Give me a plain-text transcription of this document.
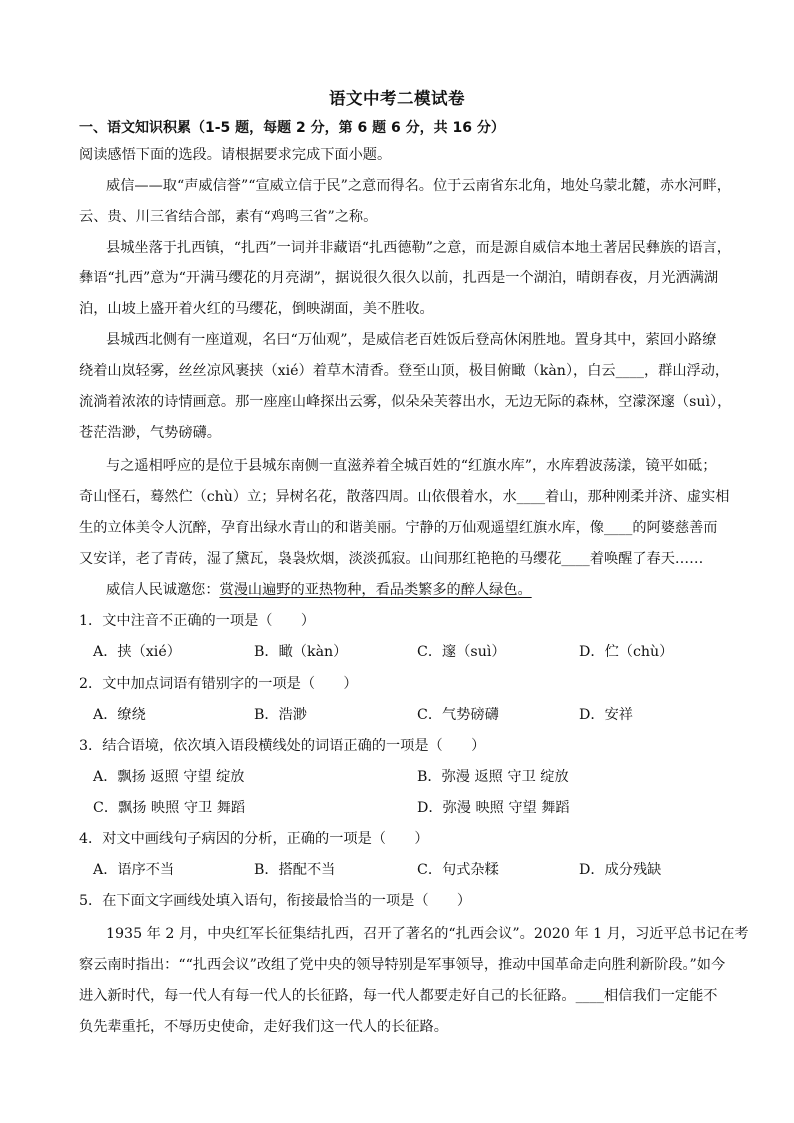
语文中考二模试卷
一、语文知识积累（1-5 题，每题 2 分，第 6 题 6 分，共 16 分）
阅读感悟下面的选段。请根据要求完成下面小题。
威信——取“声威信誉”“宣威立信于民”之意而得名。位于云南省东北角，地处乌蒙北麓，赤水河畔，
云、贵、川三省结合部，素有“鸡鸣三省”之称。
县城坐落于扎西镇，“扎西”一词并非藏语“扎西德勒”之意，而是源自威信本地土著居民彝族的语言，
彝语“扎西”意为“开满马缨花的月亮湖”，据说很久很久以前，扎西是一个湖泊，晴朗春夜，月光洒满湖
泊，山坡上盛开着火红的马缨花，倒映湖面，美不胜收。
县城西北侧有一座道观，名曰“万仙观”，是威信老百姓饭后登高休闲胜地。置身其中，萦回小路缭
绕着山岚轻雾，丝丝凉风裹挟（xié）着草木清香。登至山顶，极目俯瞰（kàn），白云____，群山浮动，
流淌着浓浓的诗情画意。那一座座山峰探出云雾，似朵朵芙蓉出水，无边无际的森林，空濛深邃（suì），
苍茫浩渺，气势磅礴。
与之遥相呼应的是位于县城东南侧一直滋养着全城百姓的“红旗水库”，水库碧波荡漾，镜平如砥；
奇山怪石，蓦然伫（chù）立；异树名花，散落四周。山依偎着水，水____着山，那种刚柔并济、虚实相
生的立体美令人沉醉，孕育出绿水青山的和谐美丽。宁静的万仙观遥望红旗水库，像____的阿婆慈善而
又安详，老了青砖，湿了黛瓦，袅袅炊烟，淡淡孤寂。山间那红艳艳的马缨花____着唤醒了春天……
威信人民诚邀您：赏漫山遍野的亚热物种，看品类繁多的醉人绿色。
1．文中注音不正确的一项是（　　）
A．挟（xié）	B．瞰（kàn）	C．邃（suì）	D．伫（chù）
2．文中加点词语有错别字的一项是（　　）
A．缭绕	B．浩渺	C．气势磅礴	D．安祥
3．结合语境，依次填入语段横线处的词语正确的一项是（　　）
A．飘扬 返照 守望 绽放	B．弥漫 返照 守卫 绽放
C．飘扬 映照 守卫 舞蹈	D．弥漫 映照 守望 舞蹈
4．对文中画线句子病因的分析，正确的一项是（　　）
A．语序不当	B．搭配不当	C．句式杂糅	D．成分残缺
5．在下面文字画线处填入语句，衔接最恰当的一项是（　　）
1935 年 2 月，中央红军长征集结扎西，召开了著名的“扎西会议”。2020 年 1 月，习近平总书记在考
察云南时指出：““扎西会议”改组了党中央的领导特别是军事领导，推动中国革命走向胜利新阶段。”如今
进入新时代，每一代人有每一代人的长征路，每一代人都要走好自己的长征路。____相信我们一定能不
负先辈重托，不辱历史使命，走好我们这一代人的长征路。
